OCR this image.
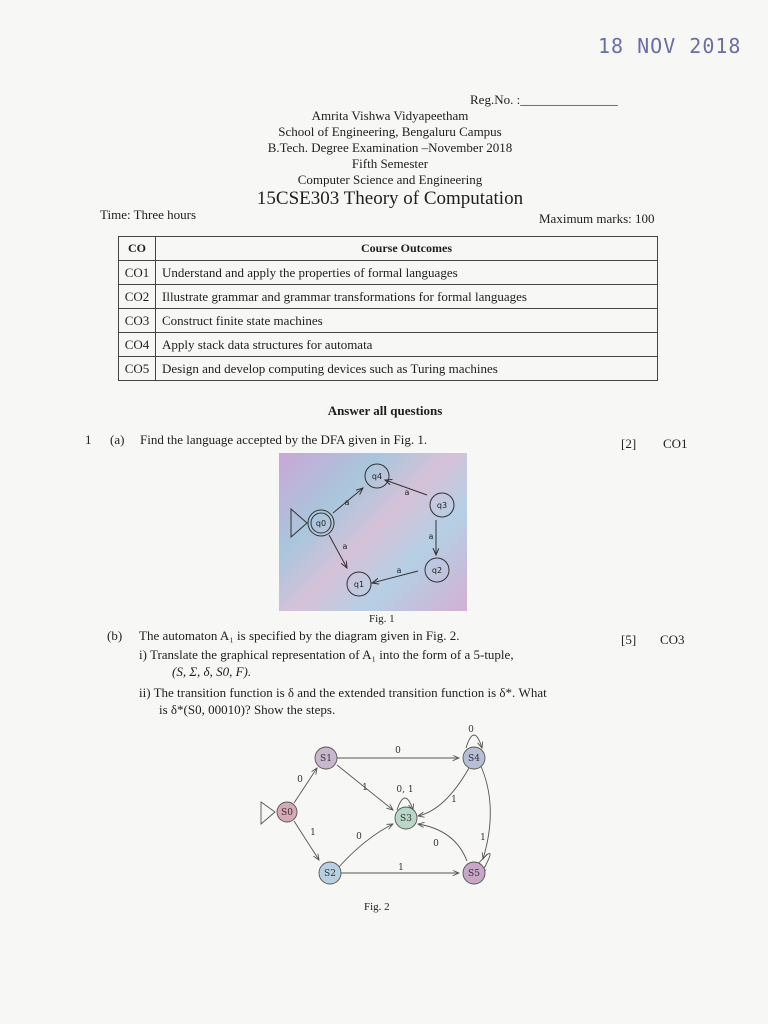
18 NOV 2018
Reg.No. :_______________
Amrita Vishwa Vidyapeetham
School of Engineering, Bengaluru Campus
B.Tech. Degree Examination –November 2018
Fifth Semester
Computer Science and Engineering
15CSE303 Theory of Computation
Time: Three hours	Maximum marks: 100
CO	Course Outcomes
CO1	Understand and apply the properties of formal languages
CO2	Illustrate grammar and grammar transformations for formal languages
CO3	Construct finite state machines
CO4	Apply stack data structures for automata
CO5	Design and develop computing devices such as Turing machines
Answer all questions
1 (a) Find the language accepted by the DFA given in Fig. 1.	[2] CO1
q0
q1
q2
q3
q4
a
a
a
a
a
Fig. 1
(b) The automaton A₁ is specified by the diagram given in Fig. 2.	[5] CO3
i) Translate the graphical representation of A₁ into the form of a 5-tuple,
(S, Σ, δ, S0, F).
ii) The transition function is δ and the extended transition function is δ*. What
is δ*(S0, 00010)? Show the steps.
S0
S1
S2
S3
S4
S5
0
1
0
1	0, 1
0
1
0
1
0
1
Fig. 2
